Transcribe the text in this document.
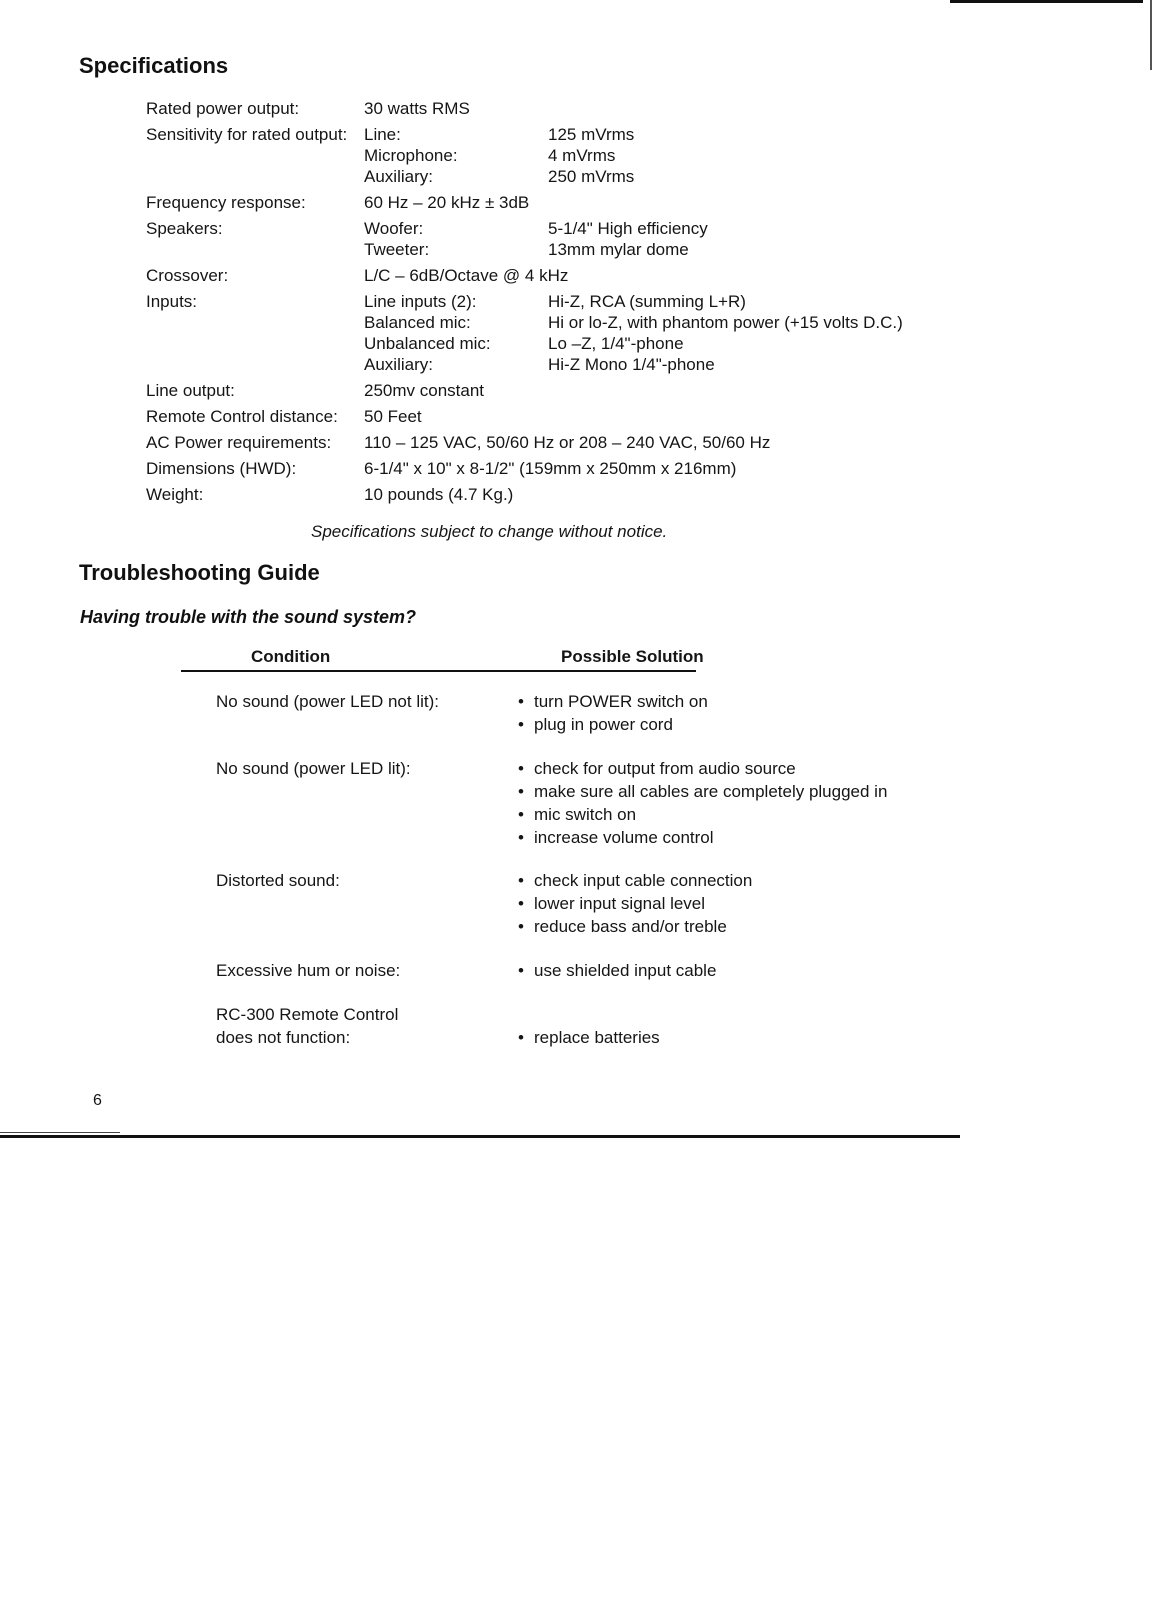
Specifications
Rated power output:	30 watts RMS
Sensitivity for rated output: Line:	125 mVrms
Microphone:	4 mVrms
Auxiliary:	250 mVrms
Frequency response:	60 Hz – 20 kHz ± 3dB
Speakers:	Woofer:	5-1/4" High efficiency
Tweeter:	13mm mylar dome
Crossover:	L/C – 6dB/Octave @ 4 kHz
Inputs:	Line inputs (2):	Hi-Z, RCA (summing L+R)
Balanced mic:	Hi or lo-Z, with phantom power (+15 volts D.C.)
Unbalanced mic:	Lo –Z, 1/4"-phone
Auxiliary:	Hi-Z Mono 1/4"-phone
Line output:	250mv constant
Remote Control distance:	50 Feet
AC Power requirements:	110 – 125 VAC, 50/60 Hz or 208 – 240 VAC, 50/60 Hz
Dimensions (HWD):	6-1/4" x 10" x 8-1/2" (159mm x 250mm x 216mm)
Weight:	10 pounds (4.7 Kg.)
Specifications subject to change without notice.
Troubleshooting Guide
Having trouble with the sound system?
Condition	Possible Solution
No sound (power LED not lit):	• turn POWER switch on
• plug in power cord
No sound (power LED lit):	• check for output from audio source
• make sure all cables are completely plugged in
• mic switch on
• increase volume control
Distorted sound:	• check input cable connection
• lower input signal level
• reduce bass and/or treble
Excessive hum or noise:	• use shielded input cable
RC-300 Remote Control
does not function:	• replace batteries
6
